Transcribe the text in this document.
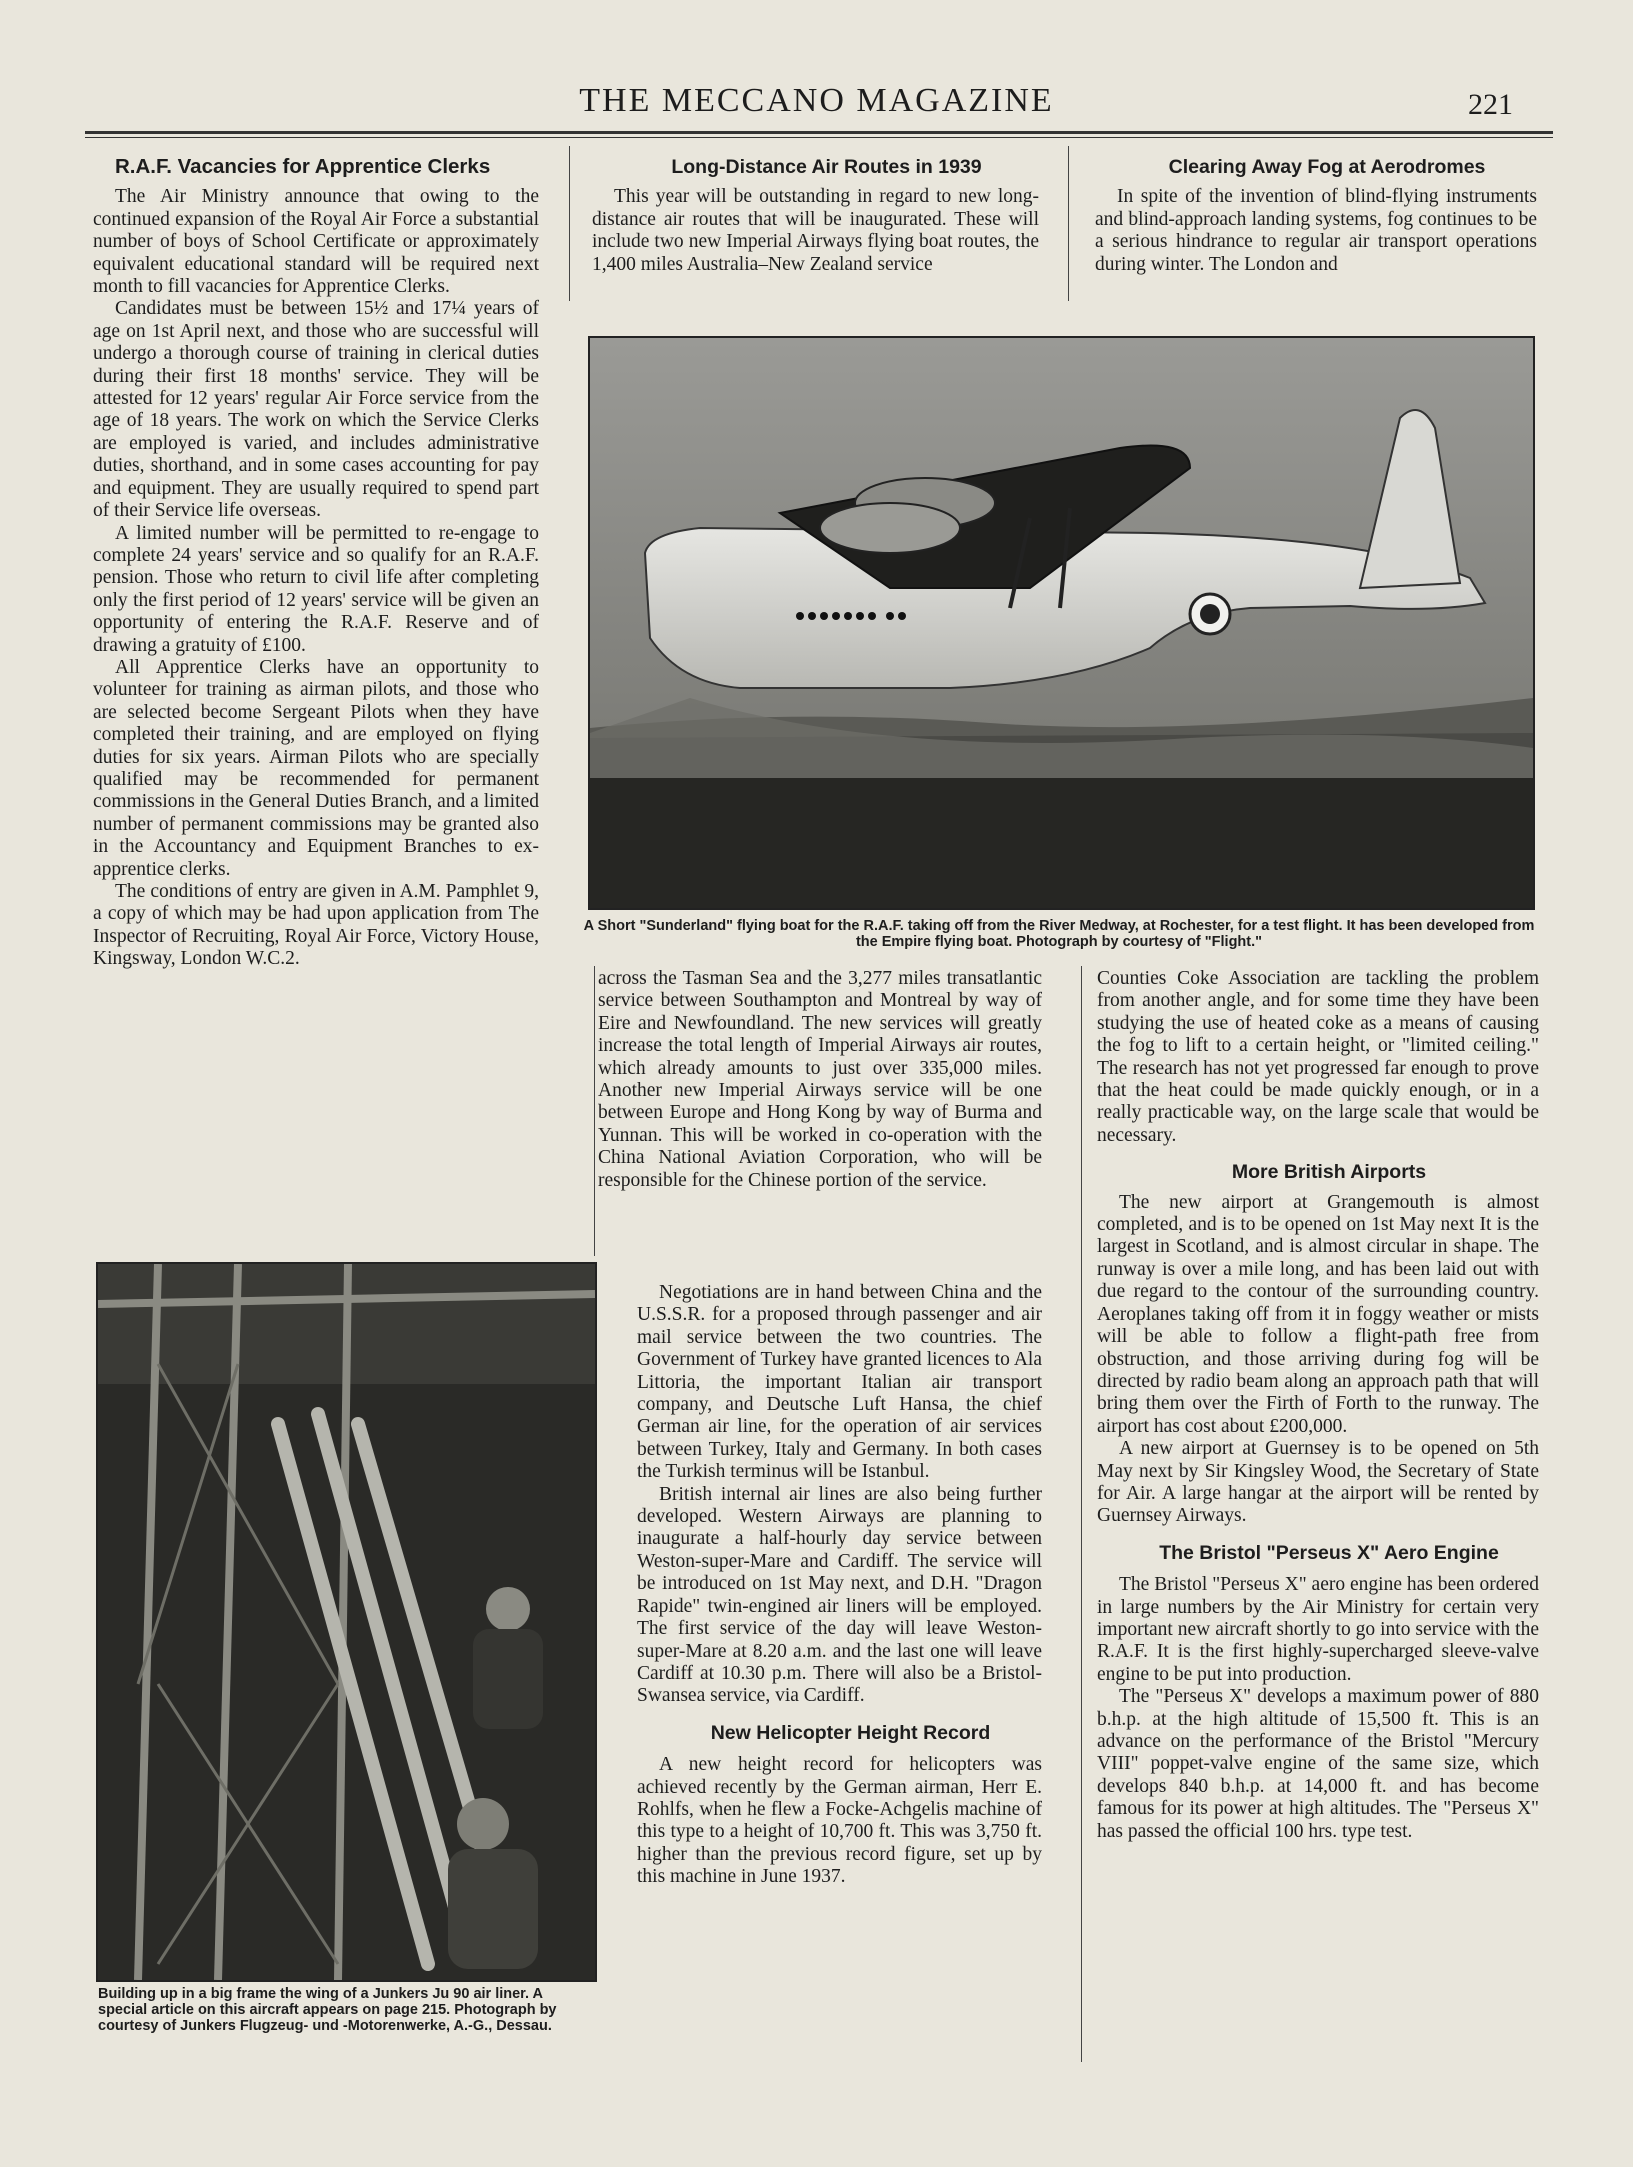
THE MECCANO MAGAZINE	221

R.A.F. Vacancies for Apprentice Clerks

The Air Ministry announce that owing to the continued expansion of the Royal Air Force a substantial number of boys of School Certificate or approximately equivalent educational standard will be required next month to fill vacancies for Apprentice Clerks.

Candidates must be between 15½ and 17¼ years of age on 1st April next, and those who are successful will undergo a thorough course of training in clerical duties during their first 18 months' service. They will be attested for 12 years' regular Air Force service from the age of 18 years. The work on which the Service Clerks are employed is varied, and includes administrative duties, shorthand, and in some cases accounting for pay and equipment. They are usually required to spend part of their Service life overseas.

A limited number will be permitted to re-engage to complete 24 years' service and so qualify for an R.A.F. pension. Those who return to civil life after completing only the first period of 12 years' service will be given an opportunity of entering the R.A.F. Reserve and of drawing a gratuity of £100.

All Apprentice Clerks have an opportunity to volunteer for training as airman pilots, and those who are selected become Sergeant Pilots when they have completed their training, and are employed on flying duties for six years. Airman Pilots who are specially qualified may be recommended for permanent commissions in the General Duties Branch, and a limited number of permanent commissions may be granted also in the Accountancy and Equipment Branches to ex-apprentice clerks.

The conditions of entry are given in A.M. Pamphlet 9, a copy of which may be had upon application from The Inspector of Recruiting, Royal Air Force, Victory House, Kingsway, London W.C.2.

Long-Distance Air Routes in 1939

This year will be outstanding in regard to new long-distance air routes that will be inaugurated. These will include two new Imperial Airways flying boat routes, the 1,400 miles Australia–New Zealand service

Clearing Away Fog at Aerodromes

In spite of the invention of blind-flying instruments and blind-approach landing systems, fog continues to be a serious hindrance to regular air transport operations during winter. The London and

A Short "Sunderland" flying boat for the R.A.F. taking off from the River Medway, at Rochester, for a test flight. It has been developed from the Empire flying boat. Photograph by courtesy of "Flight."

across the Tasman Sea and the 3,277 miles transatlantic service between Southampton and Montreal by way of Eire and Newfoundland. The new services will greatly increase the total length of Imperial Airways air routes, which already amounts to just over 335,000 miles. Another new Imperial Airways service will be one between Europe and Hong Kong by way of Burma and Yunnan. This will be worked in co-operation with the China National Aviation Corporation, who will be responsible for the Chinese portion of the service.

Negotiations are in hand between China and the U.S.S.R. for a proposed through passenger and air mail service between the two countries. The Government of Turkey have granted licences to Ala Littoria, the important Italian air transport company, and Deutsche Luft Hansa, the chief German air line, for the operation of air services between Turkey, Italy and Germany. In both cases the Turkish terminus will be Istanbul.

British internal air lines are also being further developed. Western Airways are planning to inaugurate a half-hourly day service between Weston-super-Mare and Cardiff. The service will be introduced on 1st May next, and D.H. "Dragon Rapide" twin-engined air liners will be employed. The first service of the day will leave Weston-super-Mare at 8.20 a.m. and the last one will leave Cardiff at 10.30 p.m. There will also be a Bristol-Swansea service, via Cardiff.

New Helicopter Height Record

A new height record for helicopters was achieved recently by the German airman, Herr E. Rohlfs, when he flew a Focke-Achgelis machine of this type to a height of 10,700 ft. This was 3,750 ft. higher than the previous record figure, set up by this machine in June 1937.

Counties Coke Association are tackling the problem from another angle, and for some time they have been studying the use of heated coke as a means of causing the fog to lift to a certain height, or "limited ceiling." The research has not yet progressed far enough to prove that the heat could be made quickly enough, or in a really practicable way, on the large scale that would be necessary.

More British Airports

The new airport at Grangemouth is almost completed, and is to be opened on 1st May next It is the largest in Scotland, and is almost circular in shape. The runway is over a mile long, and has been laid out with due regard to the contour of the surrounding country. Aeroplanes taking off from it in foggy weather or mists will be able to follow a flight-path free from obstruction, and those arriving during fog will be directed by radio beam along an approach path that will bring them over the Firth of Forth to the runway. The airport has cost about £200,000.

A new airport at Guernsey is to be opened on 5th May next by Sir Kingsley Wood, the Secretary of State for Air. A large hangar at the airport will be rented by Guernsey Airways.

The Bristol "Perseus X" Aero Engine

The Bristol "Perseus X" aero engine has been ordered in large numbers by the Air Ministry for certain very important new aircraft shortly to go into service with the R.A.F. It is the first highly-supercharged sleeve-valve engine to be put into production.

The "Perseus X" develops a maximum power of 880 b.h.p. at the high altitude of 15,500 ft. This is an advance on the performance of the Bristol "Mercury VIII" poppet-valve engine of the same size, which develops 840 b.h.p. at 14,000 ft. and has become famous for its power at high altitudes. The "Perseus X" has passed the official 100 hrs. type test.

Building up in a big frame the wing of a Junkers Ju 90 air liner. A special article on this aircraft appears on page 215. Photograph by courtesy of Junkers Flugzeug- und -Motorenwerke, A.-G., Dessau.
